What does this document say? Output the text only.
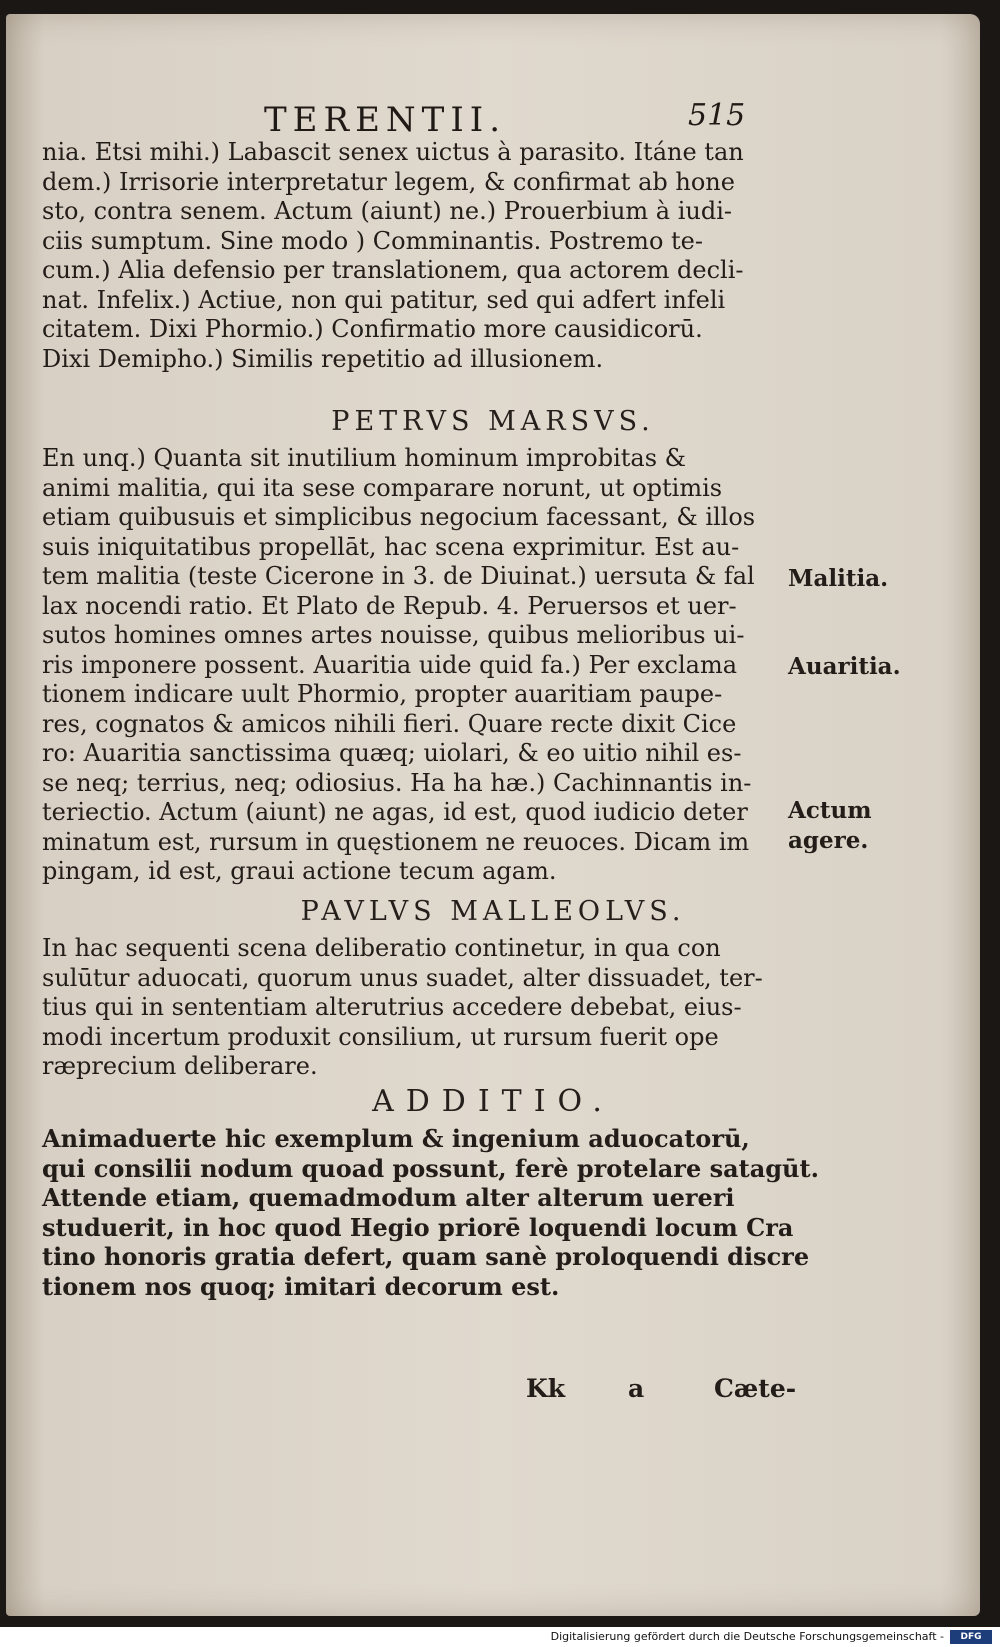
TERENTII.	515
nia. Etsi mihi.) Labascit senex uictus à parasito. Itáne tan
dem.) Irrisorie interpretatur legem, & confirmat ab hone
sto, contra senem. Actum (aiunt) ne.) Prouerbium à iudi-
ciis sumptum. Sine modo ) Comminantis. Postremo te-
cum.) Alia defensio per translationem, qua actorem decli-
nat. Infelix.) Actiue, non qui patitur, sed qui adfert infeli
citatem. Dixi Phormio.) Confirmatio more causidicorū.
Dixi Demipho.) Similis repetitio ad illusionem.
PETRVS MARSVS.
En unq.) Quanta sit inutilium hominum improbitas &
animi malitia, qui ita sese comparare norunt, ut optimis
etiam quibusuis et simplicibus negocium facessant, & illos
suis iniquitatibus propellāt, hac scena exprimitur. Est au-
tem malitia (teste Cicerone in 3. de Diuinat.) uersuta & fal
lax nocendi ratio. Et Plato de Repub. 4. Peruersos et uer-
sutos homines omnes artes nouisse, quibus melioribus ui-
ris imponere possent. Auaritia uide quid fa.) Per exclama
tionem indicare uult Phormio, propter auaritiam paupe-
res, cognatos & amicos nihili fieri. Quare recte dixit Cice
ro: Auaritia sanctissima quæq; uiolari, & eo uitio nihil es-
se neq; terrius, neq; odiosius. Ha ha hæ.) Cachinnantis in-
teriectio. Actum (aiunt) ne agas, id est, quod iudicio deter
minatum est, rursum in quęstionem ne reuoces. Dicam im
pingam, id est, graui actione tecum agam.
Malitia.
Auaritia.
Actum
agere.
PAVLVS MALLEOLVS.
In hac sequenti scena deliberatio continetur, in qua con
sulūtur aduocati, quorum unus suadet, alter dissuadet, ter-
tius qui in sententiam alterutrius accedere debebat, eius-
modi incertum produxit consilium, ut rursum fuerit ope
ræprecium deliberare.
ADDITIO.
Animaduerte hic exemplum & ingenium aduocatorū,
qui consilii nodum quoad possunt, ferè protelare satagūt.
Attende etiam, quemadmodum alter alterum uereri
studuerit, in hoc quod Hegio priorē loquendi locum Cra
tino honoris gratia defert, quam sanè proloquendi discre
tionem nos quoq; imitari decorum est.
Kk	a	Cæte-
Digitalisierung gefördert durch die Deutsche Forschungsgemeinschaft -	DFG
